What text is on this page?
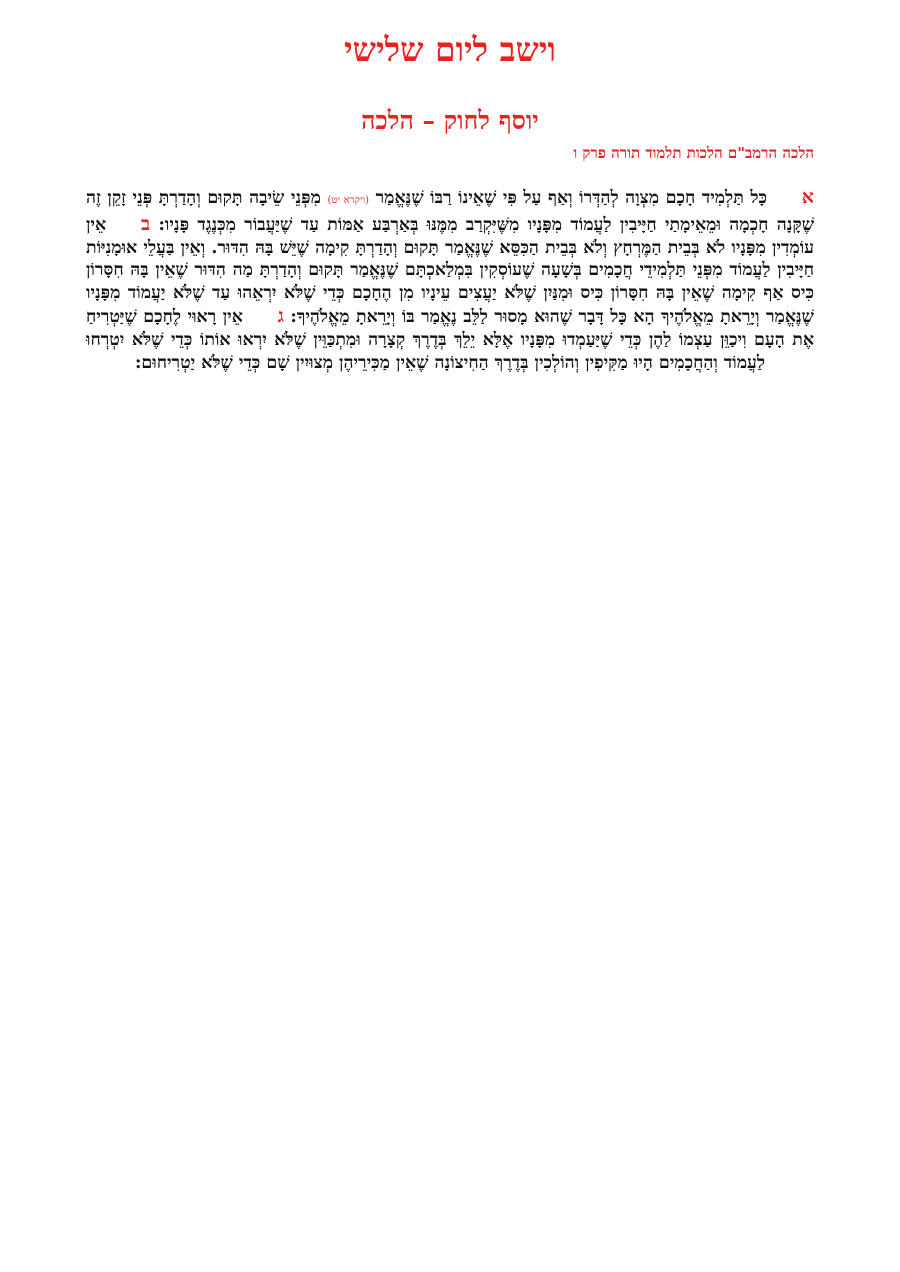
וישב ליום שלישי
יוסף לחוק – הלכה
הלכה הרמב"ם הלכות תלמוד תורה פרק ו
א  כָּל תַּלְמִיד חָכָם מִצְוָה לְהַדְּרוֹ וְאַף עַל פִּי שֶׁאֵינוֹ רַבּוֹ שֶׁנֶּאֱמַר (ויקרא יט) מִפְּנֵי שֵׂיבָה תָּקוּם וְהָדַרְתָּ פְּנֵי זָקֵן זֶה שֶׁקָּנָה חָכְמָה וּמֵאֵימָתַי חַיָּיבִין לַעֲמוֹד מִפָּנָיו מִשֶּׁיִּקְרַב מִמֶּנּוּ בְּאַרְבַּע אַמּוֹת עַד שֶׁיַּעֲבוֹר מִכְּנֶגֶד פָּנָיו: ב  אֵין עוֹמְדִין מִפָּנָיו לֹא בְּבֵית הַמֶּרְחָץ וְלֹא בְּבֵית הַכִּסֵּא שֶׁנֶּאֱמַר תָּקוּם וְהָדַרְתָּ קִימָה שֶׁיֵּשׁ בָּהּ הִדּוּר. וְאֵין בַּעֲלֵי אוּמָנִיּוֹת חַיָּיבִין לַעֲמוֹד מִפְּנֵי תַּלְמִידֵי חֲכָמִים בְּשָׁעָה שֶׁעוֹסְקִין בִּמְלַאכְתָּם שֶׁנֶּאֱמַר תָּקוּם וְהָדַרְתָּ מַה הִדּוּר שֶׁאֵין בָּהּ חִסָּרוֹן כִּיס אַף קִימָה שֶׁאֵין בָּהּ חִסָּרוֹן כִּיס וּמִנַּיִן שֶׁלֹּא יַעֲצִים עֵינָיו מִן הֶחָכָם כְּדֵי שֶׁלֹּא יִרְאֵהוּ עַד שֶׁלֹּא יַעֲמוֹד מִפָּנָיו שֶׁנֶּאֱמַר וְיָרֵאתָ מֵאֱלֹהֶיךָ הָא כָּל דָּבָר שֶׁהוּא מָסוּר לַלֵּב נֶאֱמַר בּוֹ וְיָרֵאתָ מֵאֱלֹהֶיךָ: ג  אֵין רָאוּי לֶחָכָם שֶׁיַּטְרִיחַ אֶת הָעָם וִיכַוֵּן עַצְמוֹ לַהֶן כְּדֵי שֶׁיַּעַמְדוּ מִפָּנָיו אֶלָּא יֵלֵךְ בְּדֶרֶךְ קְצָרָה וּמִתְכַּוֵּין שֶׁלֹּא יִרְאוּ אוֹתוֹ כְּדֵי שֶׁלֹּא יִטְרְחוּ לַעֲמוֹד וְהַחֲכָמִים הָיוּ מַקִּיפִין וְהוֹלְכִין בְּדֶרֶךְ הַחִיצוֹנָה שֶׁאֵין מַכִּירֵיהֶן מְצוּיִין שָׁם כְּדֵי שֶׁלֹּא יַטְרִיחוּם:
